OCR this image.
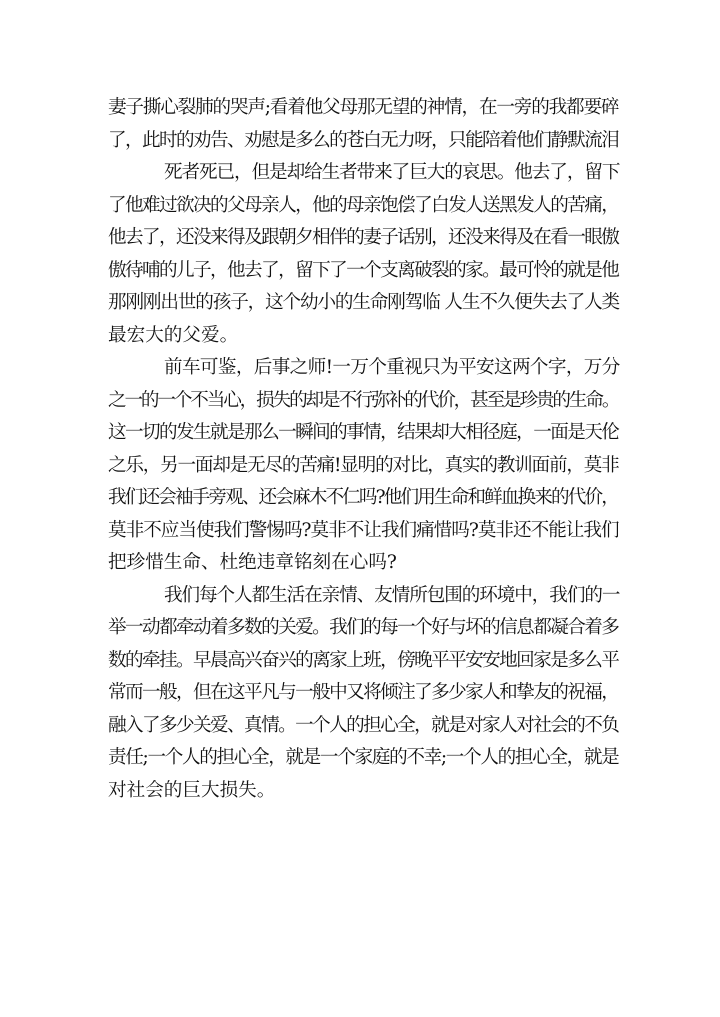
妻子撕心裂肺的哭声;看着他父母那无望的神情，在一旁的我都要碎
了，此时的劝告、劝慰是多么的苍白无力呀，只能陪着他们静默流泪
死者死已，但是却给生者带来了巨大的哀思。他去了，留下
了他难过欲决的父母亲人，他的母亲饱偿了白发人送黑发人的苦痛，
他去了，还没来得及跟朝夕相伴的妻子话别，还没来得及在看一眼傲
傲待哺的儿子，他去了，留下了一个支离破裂的家。最可怜的就是他
那刚刚出世的孩子，这个幼小的生命刚驾临 人生不久便失去了人类
最宏大的父爱。
前车可鉴，后事之师!一万个重视只为平安这两个字，万分
之一的一个不当心，损失的却是不行弥补的代价，甚至是珍贵的生命。
这一切的发生就是那么一瞬间的事情，结果却大相径庭，一面是天伦
之乐，另一面却是无尽的苦痛!显明的对比，真实的教训面前，莫非
我们还会袖手旁观、还会麻木不仁吗?他们用生命和鲜血换来的代价，
莫非不应当使我们警惕吗?莫非不让我们痛惜吗?莫非还不能让我们
把珍惜生命、杜绝违章铭刻在心吗?
我们每个人都生活在亲情、友情所包围的环境中，我们的一
举一动都牵动着多数的关爱。我们的每一个好与坏的信息都凝合着多
数的牵挂。早晨高兴奋兴的离家上班，傍晚平平安安地回家是多么平
常而一般，但在这平凡与一般中又将倾注了多少家人和挚友的祝福，
融入了多少关爱、真情。一个人的担心全，就是对家人对社会的不负
责任;一个人的担心全，就是一个家庭的不幸;一个人的担心全，就是
对社会的巨大损失。
